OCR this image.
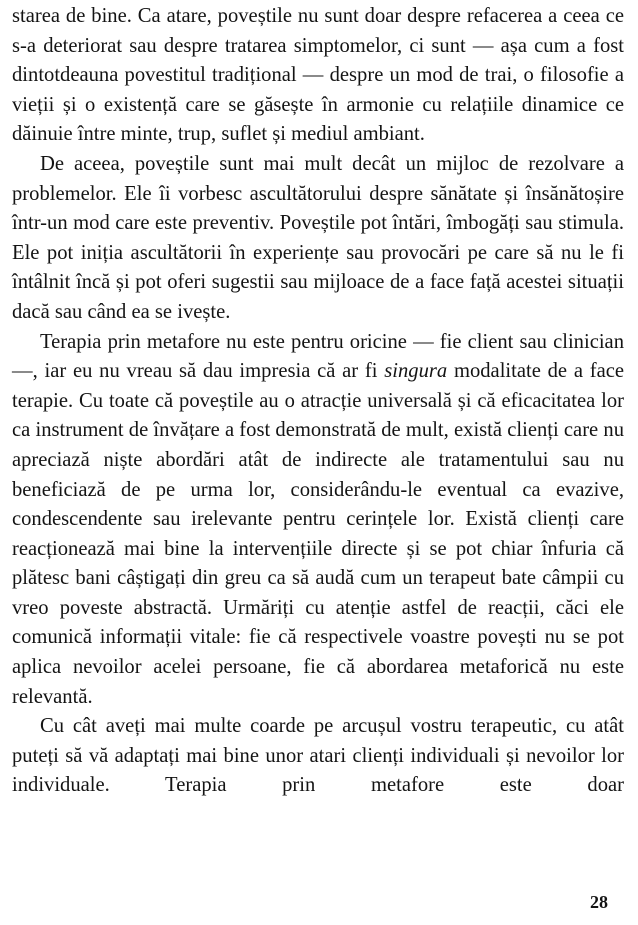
starea de bine. Ca atare, poveștile nu sunt doar despre refacerea a ceea ce s-a deteriorat sau despre tratarea simptomelor, ci sunt — așa cum a fost dintotdeauna povestitul tradițional — despre un mod de trai, o filosofie a vieții și o existență care se găsește în armonie cu relațiile dinamice ce dăinuie între minte, trup, suflet și mediul ambiant.

De aceea, poveștile sunt mai mult decât un mijloc de rezolvare a problemelor. Ele îi vorbesc ascultătorului despre sănătate și însănătoșire într-un mod care este preventiv. Poveștile pot întări, îmbogăți sau stimula. Ele pot iniția ascultătorii în experiențe sau provocări pe care să nu le fi întâlnit încă și pot oferi sugestii sau mijloace de a face față acestei situații dacă sau când ea se ivește.

Terapia prin metafore nu este pentru oricine — fie client sau clinician —, iar eu nu vreau să dau impresia că ar fi singura modalitate de a face terapie. Cu toate că poveștile au o atracție universală și că eficacitatea lor ca instrument de învățare a fost demonstrată de mult, există clienți care nu apreciază niște abordări atât de indirecte ale tratamentului sau nu beneficiază de pe urma lor, considerându-le eventual ca evazive, condescendente sau irelevante pentru cerințele lor. Există clienți care reacționează mai bine la intervențiile directe și se pot chiar înfuria că plătesc bani câștigați din greu ca să audă cum un terapeut bate câmpii cu vreo poveste abstractă. Urmăriți cu atenție astfel de reacții, căci ele comunică informații vitale: fie că respectivele voastre povești nu se pot aplica nevoilor acelei persoane, fie că abordarea metaforică nu este relevantă.

Cu cât aveți mai multe coarde pe arcușul vostru terapeutic, cu atât puteți să vă adaptați mai bine unor atari clienți individuali și nevoilor lor individuale. Terapia prin metafore este doar

28
